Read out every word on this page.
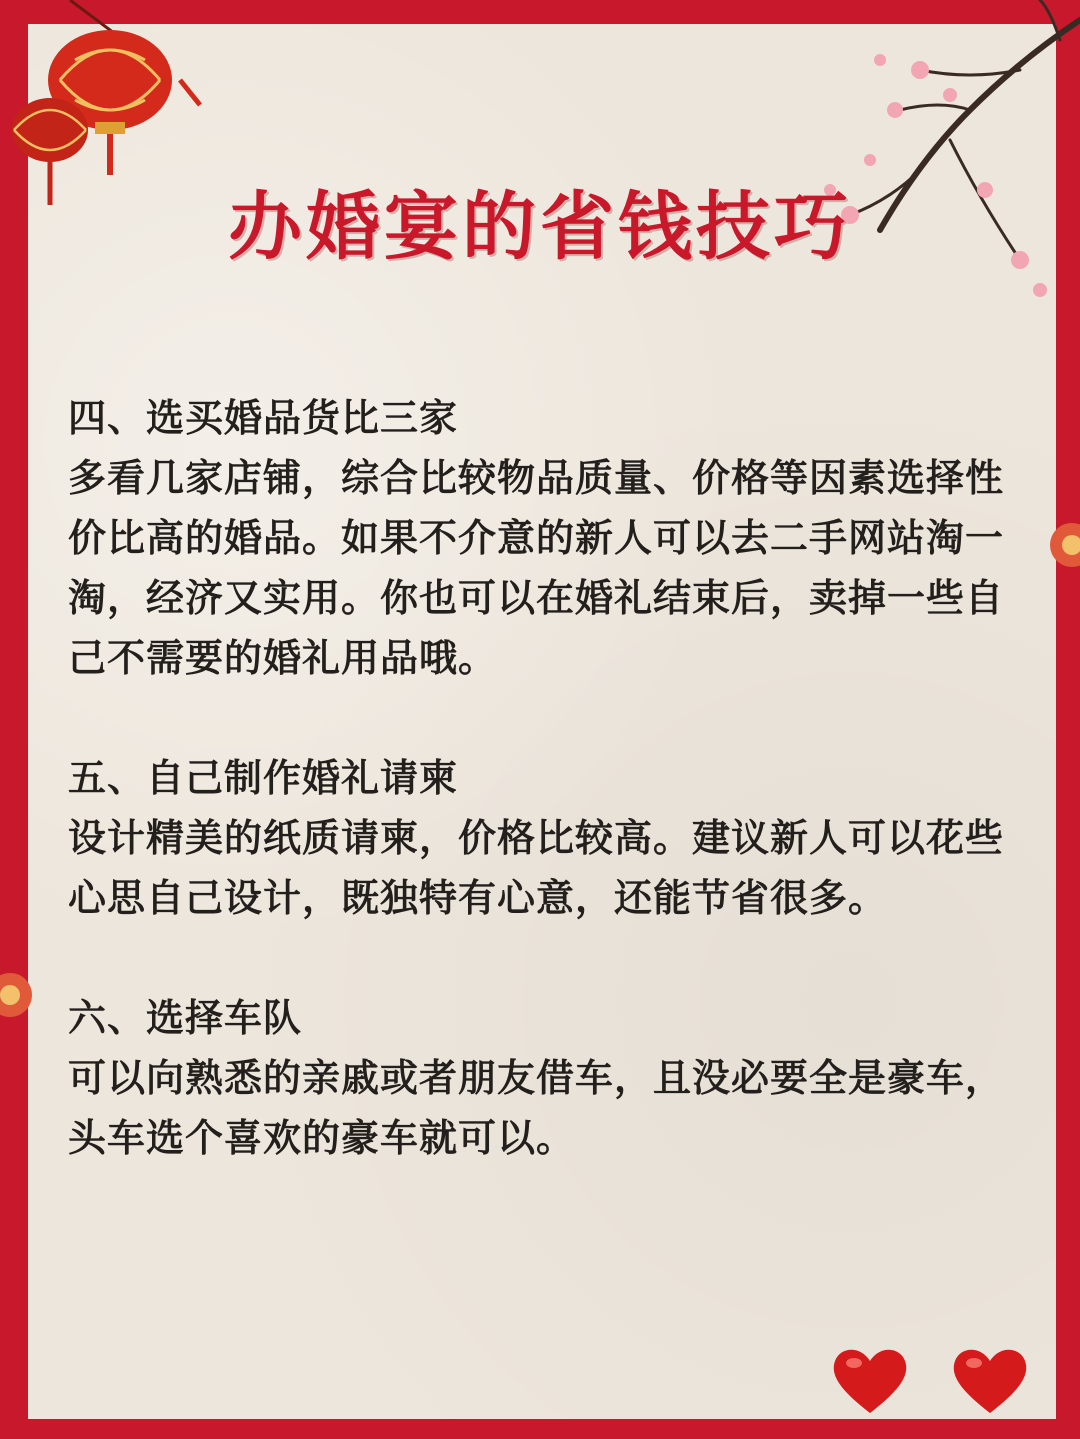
办婚宴的省钱技巧

四、选买婚品货比三家

多看几家店铺，综合比较物品质量、价格等因素选择性价比高的婚品。如果不介意的新人可以去二手网站淘一淘，经济又实用。你也可以在婚礼结束后，卖掉一些自己不需要的婚礼用品哦。

五、自己制作婚礼请柬

设计精美的纸质请柬，价格比较高。建议新人可以花些心思自己设计，既独特有心意，还能节省很多。

六、选择车队

可以向熟悉的亲戚或者朋友借车，且没必要全是豪车，头车选个喜欢的豪车就可以。
